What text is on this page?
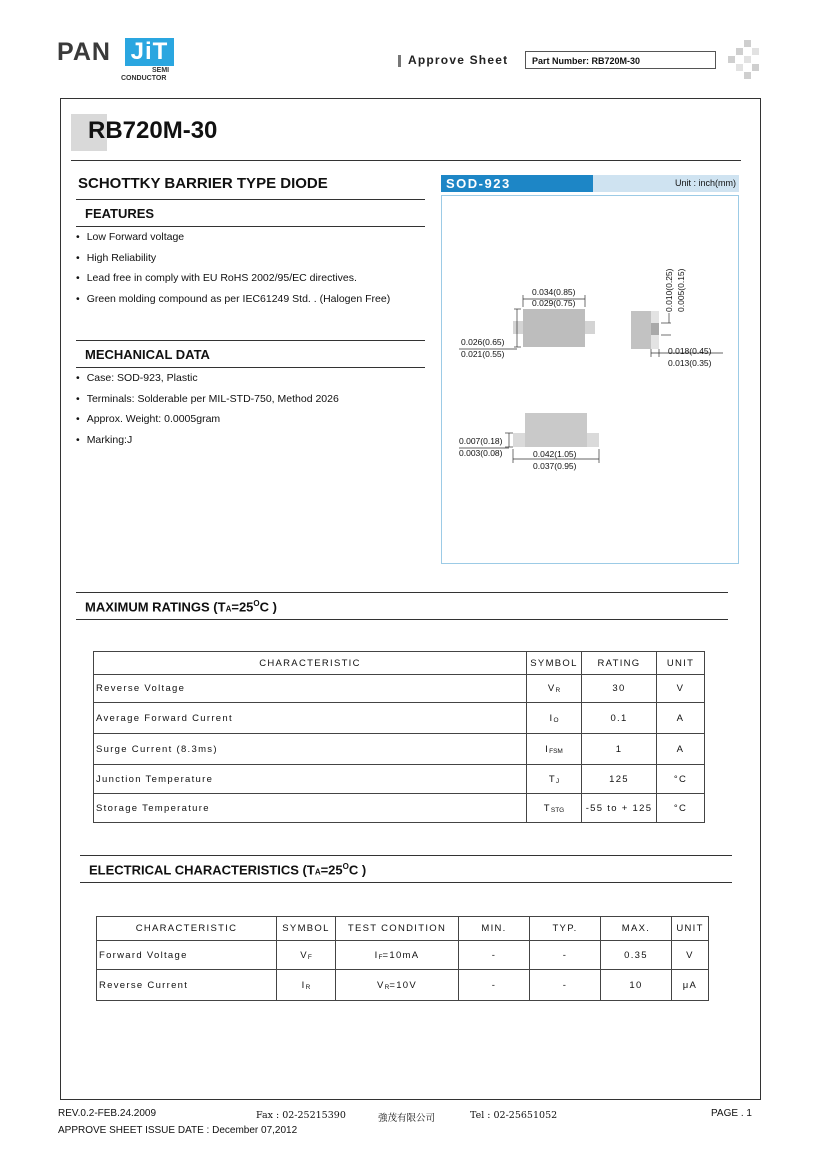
PAN JiT
SEMI
CONDUCTOR
Approve Sheet	Part Number: RB720M-30
RB720M-30
SCHOTTKY BARRIER TYPE DIODE
FEATURES
• Low Forward voltage
• High Reliability
• Lead free in comply with EU RoHS 2002/95/EC directives.
• Green molding compound as per IEC61249 Std. . (Halogen Free)
MECHANICAL DATA
• Case: SOD-923, Plastic
• Terminals: Solderable per MIL-STD-750, Method 2026
• Approx. Weight: 0.0005gram
• Marking:J
SOD-923	Unit : inch(mm)
0.034(0.85)
0.029(0.75)
0.026(0.65)
0.021(0.55)
0.010(0.25) 0.005(0.15)
0.018(0.45)
0.013(0.35)
0.007(0.18)
0.003(0.08)	0.042(1.05)
0.037(0.95)
MAXIMUM RATINGS ($TA=25^OC$ )
CHARACTERISTIC	SYMBOL	RATING	UNIT
Reverse Voltage	VR	30	V
Average Forward Current	IO	0.1	A
Surge Current (8.3ms)	IFSM	1	A
Junction Temperature	TJ	125	°C
Storage Temperature	TSTG	-55 to + 125	°C
ELECTRICAL CHARACTERISTICS ($TA=25^OC$ )
CHARACTERISTIC	SYMBOL	TEST CONDITION	MIN.	TYP.	MAX.	UNIT
Forward Voltage	VF	IF=10mA	-	-	0.35	V
Reverse Current	IR	VR=10V	-	-	10	μA
REV.0.2-FEB.24.2009
APPROVE SHEET ISSUE DATE : December 07,2012
Fax : 02-25215390	強茂有限公司	Tel : 02-25651052	PAGE . 1
